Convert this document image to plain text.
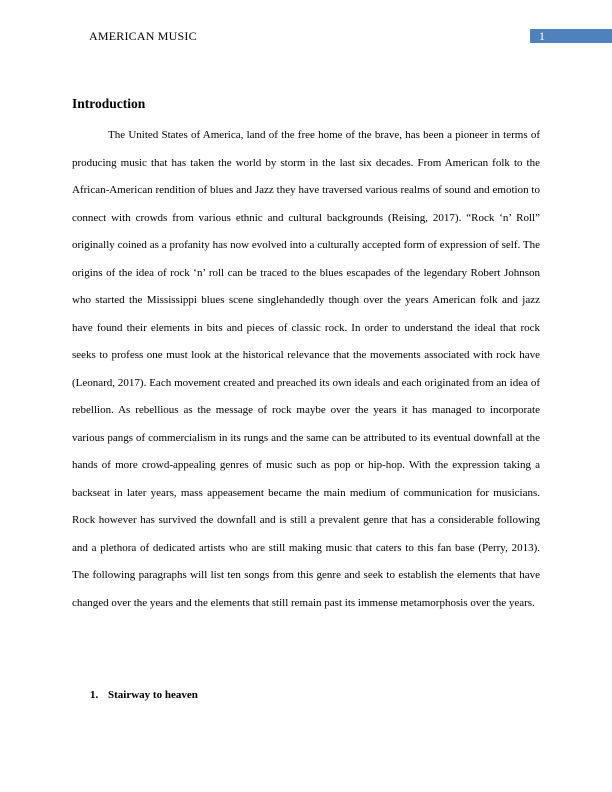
AMERICAN MUSIC	1
Introduction

The United States of America, land of the free home of the brave, has been a pioneer in terms of producing music that has taken the world by storm in the last six decades. From American folk to the African-American rendition of blues and Jazz they have traversed various realms of sound and emotion to connect with crowds from various ethnic and cultural backgrounds (Reising, 2017). “Rock ‘n’ Roll” originally coined as a profanity has now evolved into a culturally accepted form of expression of self. The origins of the idea of rock ‘n’ roll can be traced to the blues escapades of the legendary Robert Johnson who started the Mississippi blues scene singlehandedly though over the years American folk and jazz have found their elements in bits and pieces of classic rock. In order to understand the ideal that rock seeks to profess one must look at the historical relevance that the movements associated with rock have (Leonard, 2017). Each movement created and preached its own ideals and each originated from an idea of rebellion. As rebellious as the message of rock maybe over the years it has managed to incorporate various pangs of commercialism in its rungs and the same can be attributed to its eventual downfall at the hands of more crowd-appealing genres of music such as pop or hip-hop. With the expression taking a backseat in later years, mass appeasement became the main medium of communication for musicians. Rock however has survived the downfall and is still a prevalent genre that has a considerable following and a plethora of dedicated artists who are still making music that caters to this fan base (Perry, 2013). The following paragraphs will list ten songs from this genre and seek to establish the elements that have changed over the years and the elements that still remain past its immense metamorphosis over the years.

1. Stairway to heaven
